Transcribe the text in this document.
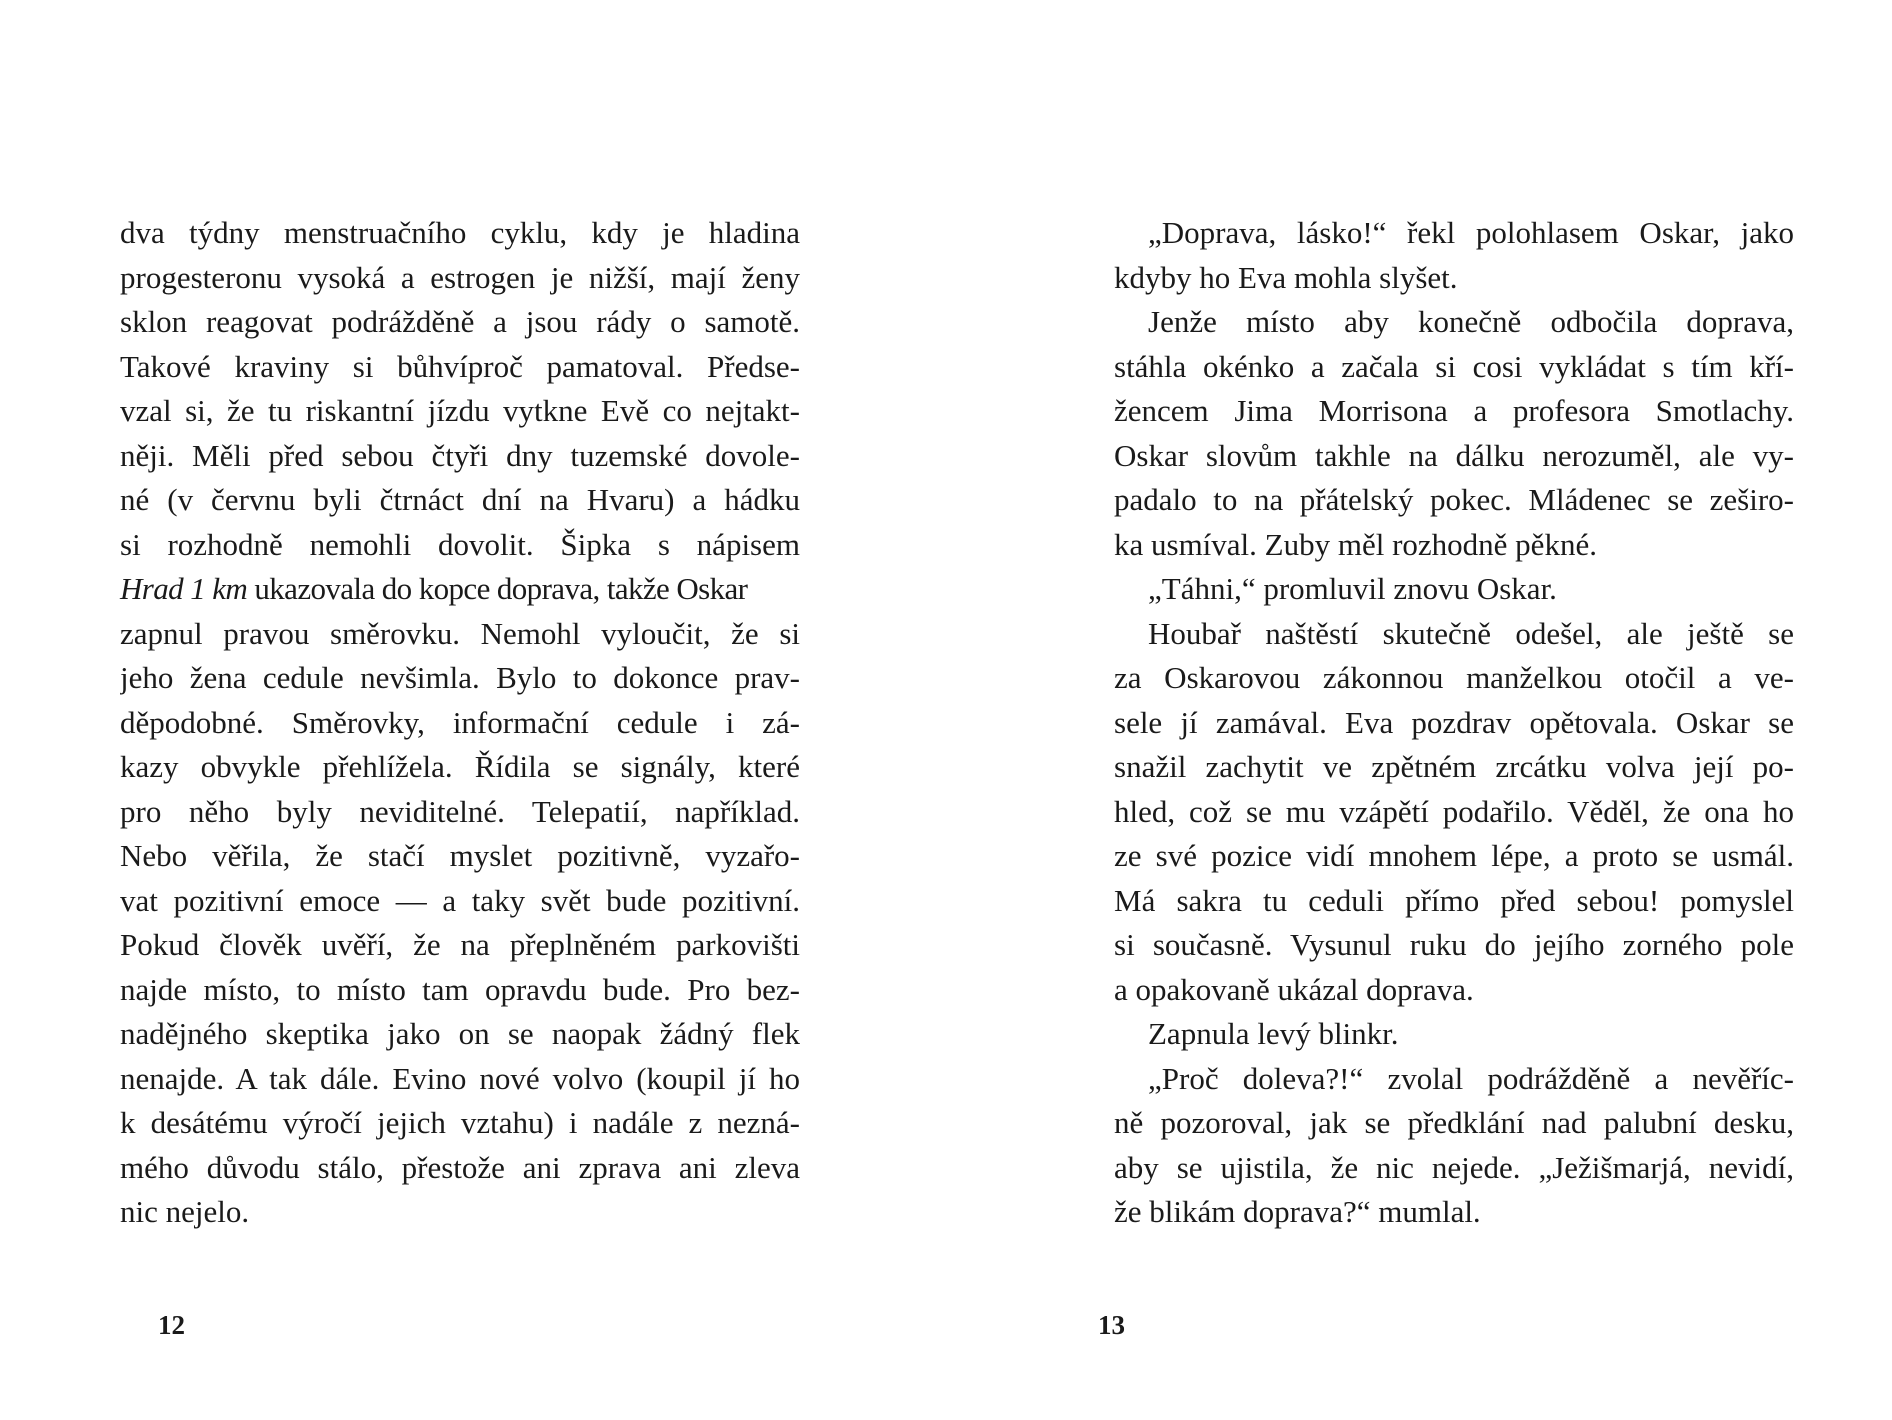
dva týdny menstruačního cyklu, kdy je hladina
progesteronu vysoká a estrogen je nižší, mají ženy
sklon reagovat podrážděně a jsou rády o samotě.
Takové kraviny si bůhvíproč pamatoval. Předse-
vzal si, že tu riskantní jízdu vytkne Evě co nejtakt-
něji. Měli před sebou čtyři dny tuzemské dovole-
né (v červnu byli čtrnáct dní na Hvaru) a hádku
si rozhodně nemohli dovolit. Šipka s nápisem
Hrad 1 km ukazovala do kopce doprava, takže Oskar
zapnul pravou směrovku. Nemohl vyloučit, že si
jeho žena cedule nevšimla. Bylo to dokonce prav-
děpodobné. Směrovky, informační cedule i zá-
kazy obvykle přehlížela. Řídila se signály, které
pro něho byly neviditelné. Telepatií, například.
Nebo věřila, že stačí myslet pozitivně, vyzařo-
vat pozitivní emoce — a taky svět bude pozitivní.
Pokud člověk uvěří, že na přeplněném parkovišti
najde místo, to místo tam opravdu bude. Pro bez-
nadějného skeptika jako on se naopak žádný flek
nenajde. A tak dále. Evino nové volvo (koupil jí ho
k desátému výročí jejich vztahu) i nadále z nezná-
mého důvodu stálo, přestože ani zprava ani zleva
nic nejelo.
12
„Doprava, lásko!“ řekl polohlasem Oskar, jako
kdyby ho Eva mohla slyšet.
Jenže místo aby konečně odbočila doprava,
stáhla okénko a začala si cosi vykládat s tím kří-
žencem Jima Morrisona a profesora Smotlachy.
Oskar slovům takhle na dálku nerozuměl, ale vy-
padalo to na přátelský pokec. Mládenec se zeširo-
ka usmíval. Zuby měl rozhodně pěkné.
„Táhni,“ promluvil znovu Oskar.
Houbař naštěstí skutečně odešel, ale ještě se
za Oskarovou zákonnou manželkou otočil a ve-
sele jí zamával. Eva pozdrav opětovala. Oskar se
snažil zachytit ve zpětném zrcátku volva její po-
hled, což se mu vzápětí podařilo. Věděl, že ona ho
ze své pozice vidí mnohem lépe, a proto se usmál.
Má sakra tu ceduli přímo před sebou! pomyslel
si současně. Vysunul ruku do jejího zorného pole
a opakovaně ukázal doprava.
Zapnula levý blinkr.
„Proč doleva?!“ zvolal podrážděně a nevěříc-
ně pozoroval, jak se předklání nad palubní desku,
aby se ujistila, že nic nejede. „Ježišmarjá, nevidí,
že blikám doprava?“ mumlal.
13
